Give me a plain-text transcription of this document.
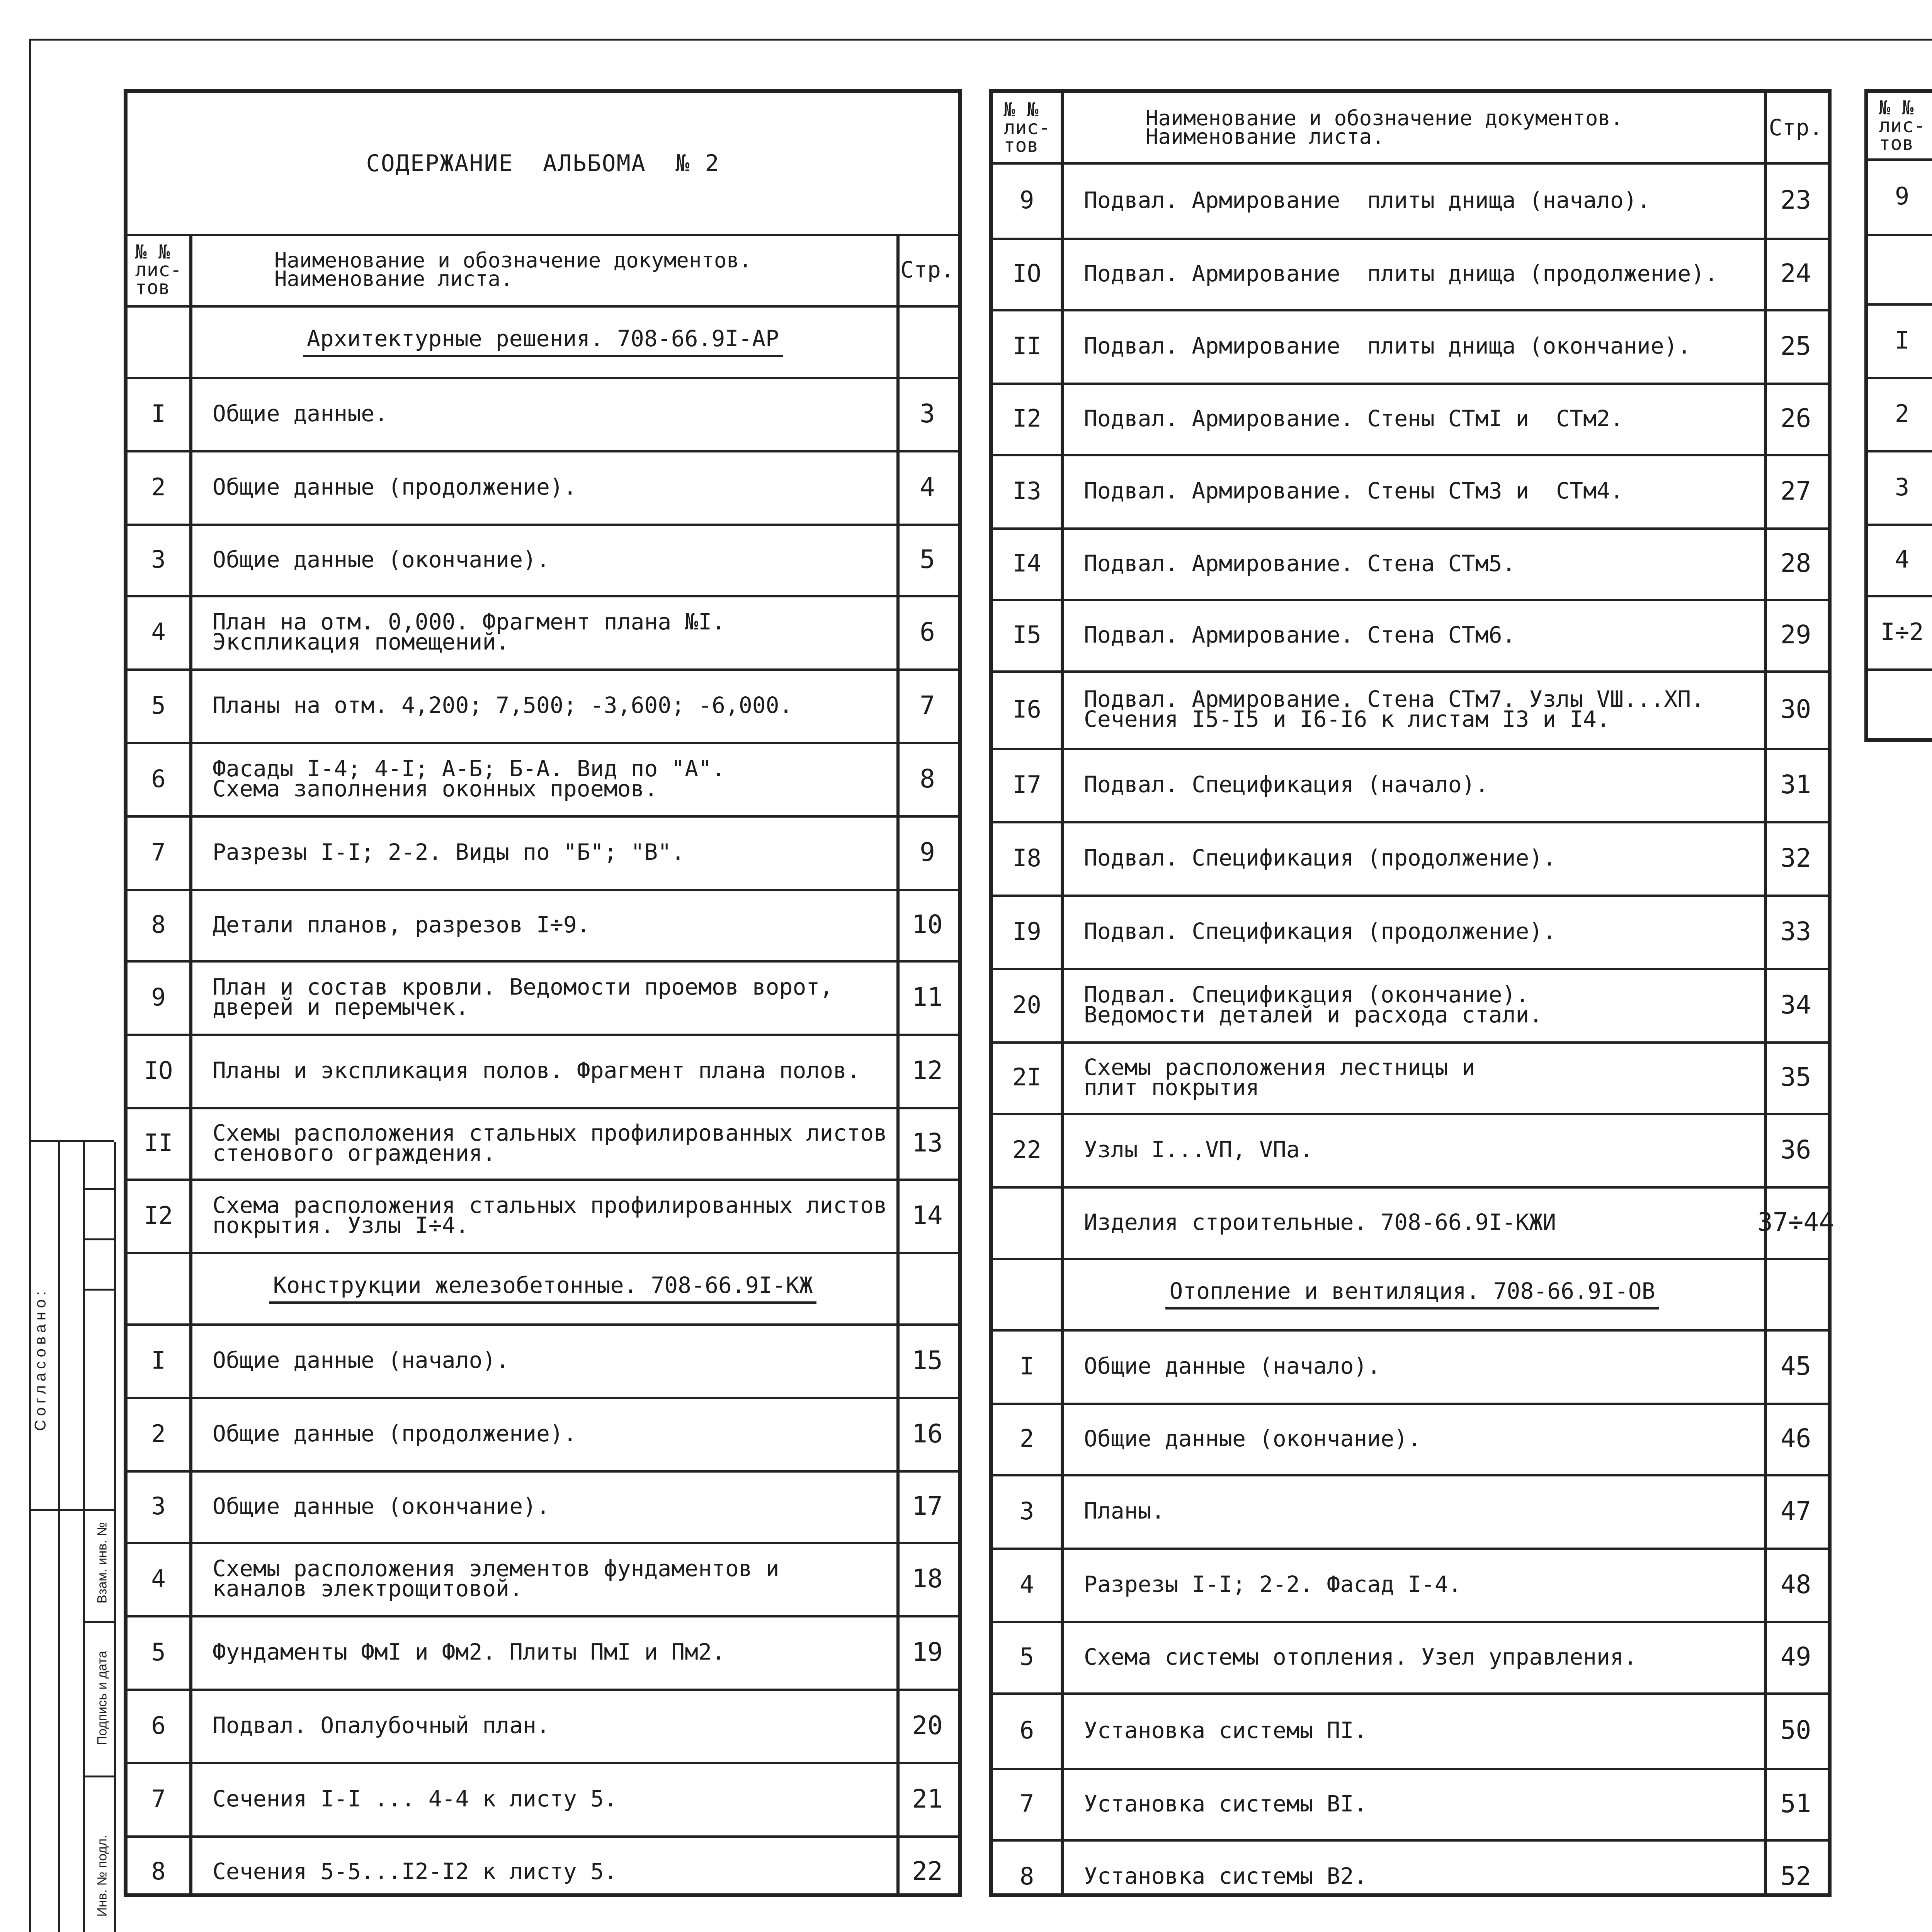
СОДЕРЖАНИЕ  АЛЬБОМА  № 2
№ №
лис-
тов
Наименование и обозначение документов.
Наименование листа.	Стр.
Архитектурные решения. 708-66.9I-АР
I	Общие данные.	3
2	Общие данные (продолжение).	4
3	Общие данные (окончание).	5
4	План на отм. 0,000. Фрагмент плана №I.
Экспликация помещений.	6
5	Планы на отм. 4,200; 7,500; -3,600; -6,000.	7
6	Фасады I-4; 4-I; А-Б; Б-А. Вид по "А".
Схема заполнения оконных проемов.	8
7	Разрезы I-I; 2-2. Виды по "Б"; "В".	9
8	Детали планов, разрезов I÷9.	10
9	План и состав кровли. Ведомости проемов ворот,
дверей и перемычек.	11
IO	Планы и экспликация полов. Фрагмент плана полов.	12
II	Схемы расположения стальных профилированных листов
стенового ограждения.	13
I2	Схема расположения стальных профилированных листов
покрытия. Узлы I÷4.	14
Конструкции железобетонные. 708-66.9I-КЖ
I	Общие данные (начало).	15
2	Общие данные (продолжение).	16
3	Общие данные (окончание).	17
4	Схемы расположения элементов фундаментов и
каналов электрощитовой.	18
5	Фундаменты ФмI и Фм2. Плиты ПмI и Пм2.	19
6	Подвал. Опалубочный план.	20
7	Сечения I-I ... 4-4 к листу 5.	21
8	Сечения 5-5...I2-I2 к листу 5.	22
№ №
лис-
тов
Наименование и обозначение документов.
Наименование листа.	Стр.
9	Подвал. Армирование  плиты днища (начало).	23
IO	Подвал. Армирование  плиты днища (продолжение).	24
II	Подвал. Армирование  плиты днища (окончание).	25
I2	Подвал. Армирование. Стены СТмI и  СТм2.	26
I3	Подвал. Армирование. Стены СТм3 и  СТм4.	27
I4	Подвал. Армирование. Стена СТм5.	28
I5	Подвал. Армирование. Стена СТм6.	29
I6	Подвал. Армирование. Стена СТм7. Узлы VШ...ХП.
Сечения I5-I5 и I6-I6 к листам I3 и I4.	30
I7	Подвал. Спецификация (начало).	31
I8	Подвал. Спецификация (продолжение).	32
I9	Подвал. Спецификация (продолжение).	33
20	Подвал. Спецификация (окончание).
Ведомости деталей и расхода стали.	34
2I	Схемы расположения лестницы и
плит покрытия	35
22	Узлы I...VП, VПа.	36
Изделия строительные. 708-66.9I-КЖИ	37÷44
Отопление и вентиляция. 708-66.9I-ОВ
I	Общие данные (начало).	45
2	Общие данные (окончание).	46
3	Планы.	47
4	Разрезы I-I; 2-2. Фасад I-4.	48
5	Схема системы отопления. Узел управления.	49
6	Установка системы ПI.	50
7	Установка системы ВI.	51
8	Установка системы В2.	52
№ №
лис-
тов
9
I
2
3
4
I÷2
Согласовано:
Взам. инв. №
Подпись и дата
Инв. № подл.
